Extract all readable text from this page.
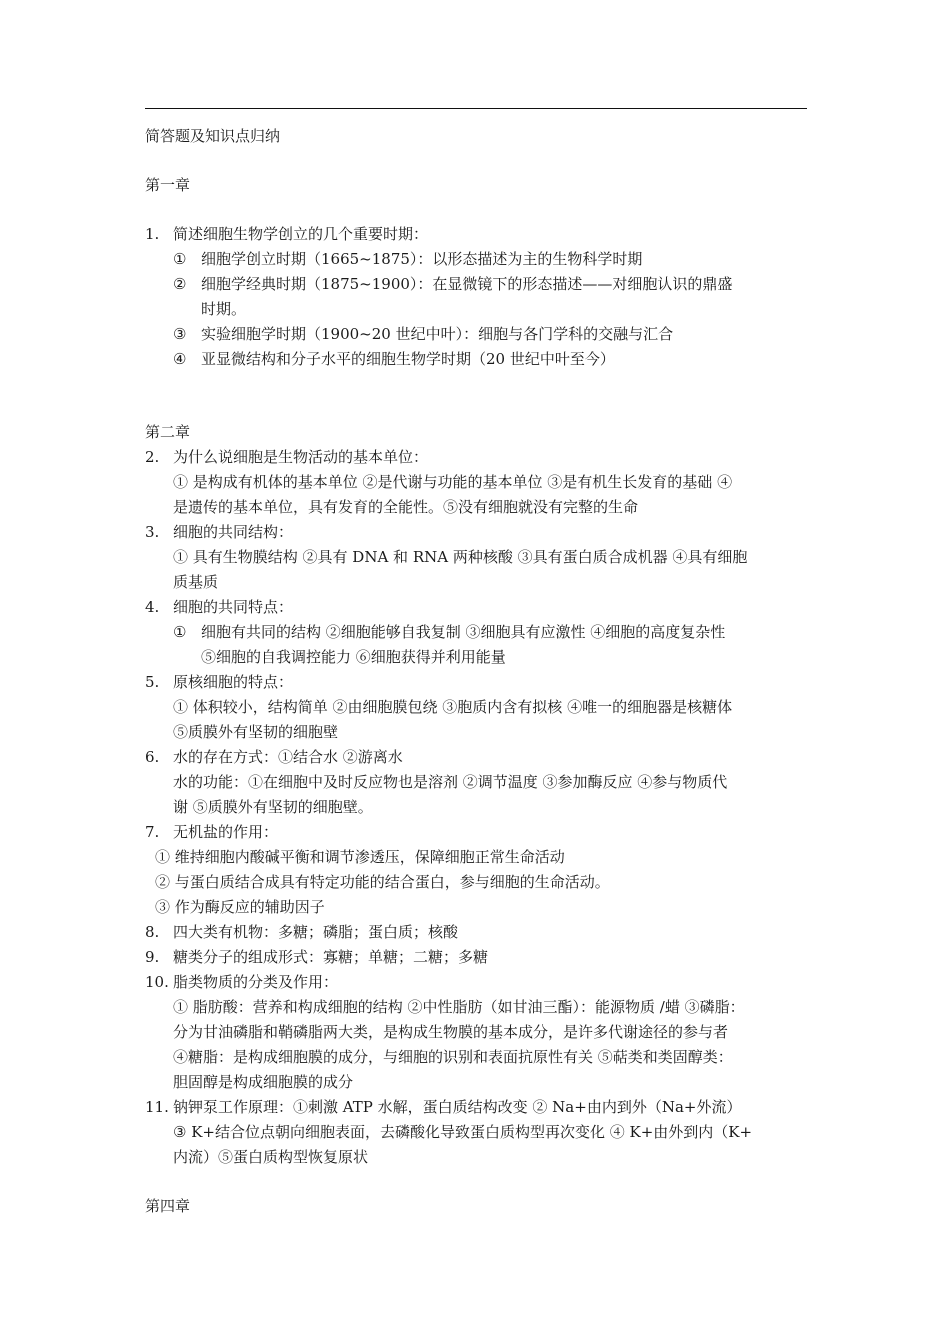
简答题及知识点归纳
第一章
1. 简述细胞生物学创立的几个重要时期：
① 细胞学创立时期（1665~1875）：以形态描述为主的生物科学时期
② 细胞学经典时期（1875~1900）：在显微镜下的形态描述——对细胞认识的鼎盛
时期。
③ 实验细胞学时期（1900~20 世纪中叶）：细胞与各门学科的交融与汇合
④ 亚显微结构和分子水平的细胞生物学时期（20 世纪中叶至今）
第二章
2. 为什么说细胞是生物活动的基本单位：
① 是构成有机体的基本单位 ②是代谢与功能的基本单位 ③是有机生长发育的基础 ④
是遗传的基本单位，具有发育的全能性。⑤没有细胞就没有完整的生命
3. 细胞的共同结构：
① 具有生物膜结构 ②具有 DNA 和 RNA 两种核酸 ③具有蛋白质合成机器 ④具有细胞
质基质
4. 细胞的共同特点：
① 细胞有共同的结构 ②细胞能够自我复制 ③细胞具有应激性 ④细胞的高度复杂性
⑤细胞的自我调控能力 ⑥细胞获得并利用能量
5. 原核细胞的特点：
① 体积较小，结构简单 ②由细胞膜包绕 ③胞质内含有拟核 ④唯一的细胞器是核糖体
⑤质膜外有坚韧的细胞壁
6. 水的存在方式：①结合水 ②游离水
水的功能：①在细胞中及时反应物也是溶剂 ②调节温度 ③参加酶反应 ④参与物质代
谢 ⑤质膜外有坚韧的细胞壁。
7. 无机盐的作用：
① 维持细胞内酸碱平衡和调节渗透压，保障细胞正常生命活动
② 与蛋白质结合成具有特定功能的结合蛋白，参与细胞的生命活动。
③ 作为酶反应的辅助因子
8. 四大类有机物：多糖；磷脂；蛋白质；核酸
9. 糖类分子的组成形式：寡糖；单糖；二糖；多糖
10. 脂类物质的分类及作用：
① 脂肪酸：营养和构成细胞的结构 ②中性脂肪（如甘油三酯）：能源物质 /蜡 ③磷脂：
分为甘油磷脂和鞘磷脂两大类，是构成生物膜的基本成分，是许多代谢途径的参与者
④糖脂：是构成细胞膜的成分，与细胞的识别和表面抗原性有关 ⑤萜类和类固醇类：
胆固醇是构成细胞膜的成分
11. 钠钾泵工作原理：①刺激 ATP 水解，蛋白质结构改变 ② Na+由内到外（Na+外流）
③ K+结合位点朝向细胞表面，去磷酸化导致蛋白质构型再次变化 ④ K+由外到内（K+
内流）⑤蛋白质构型恢复原状
第四章
